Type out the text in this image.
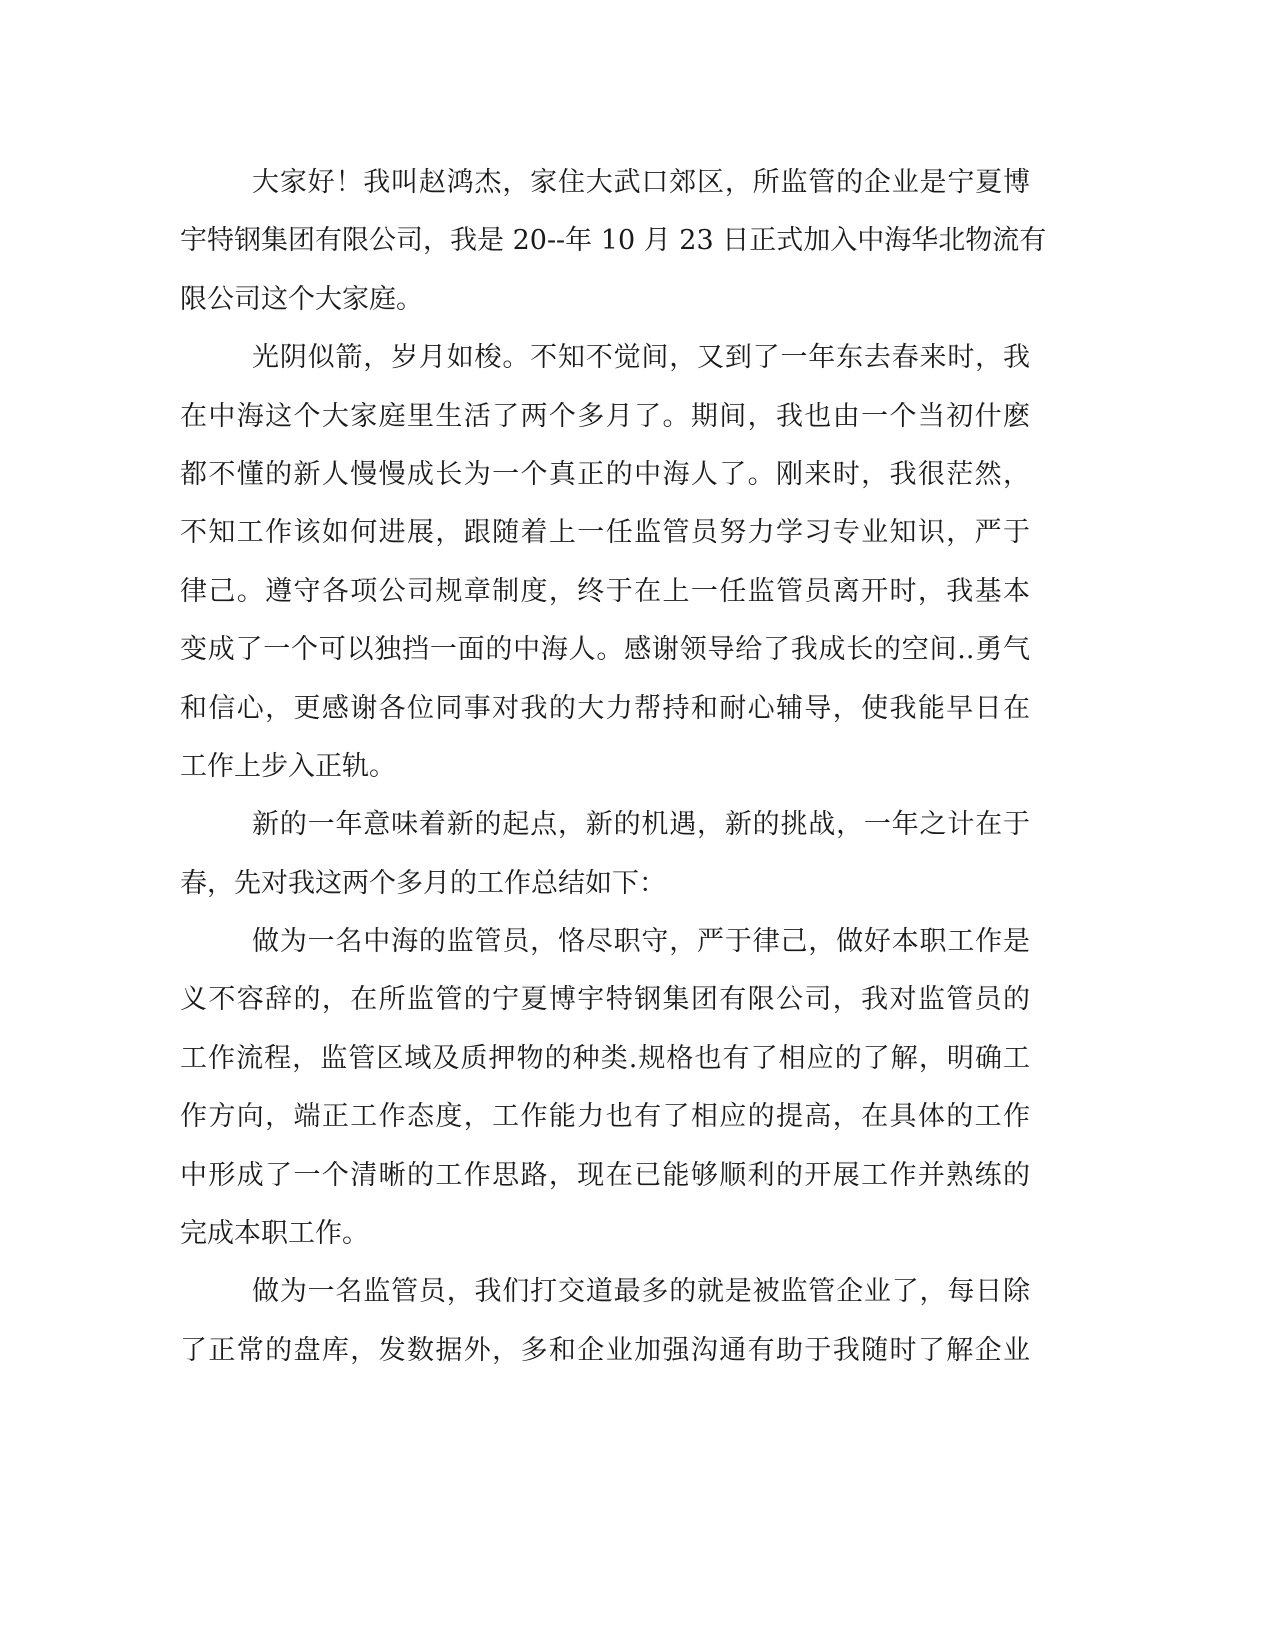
大家好！我叫赵鸿杰，家住大武口郊区，所监管的企业是宁夏博
宇特钢集团有限公司，我是 20--年 10 月 23 日正式加入中海华北物流有
限公司这个大家庭。
光阴似箭，岁月如梭。不知不觉间，又到了一年东去春来时，我
在中海这个大家庭里生活了两个多月了。期间，我也由一个当初什麽
都不懂的新人慢慢成长为一个真正的中海人了。刚来时，我很茫然，
不知工作该如何进展，跟随着上一任监管员努力学习专业知识，严于
律己。遵守各项公司规章制度，终于在上一任监管员离开时，我基本
变成了一个可以独挡一面的中海人。感谢领导给了我成长的空间..勇气
和信心，更感谢各位同事对我的大力帮持和耐心辅导，使我能早日在
工作上步入正轨。
新的一年意味着新的起点，新的机遇，新的挑战，一年之计在于
春，先对我这两个多月的工作总结如下：
做为一名中海的监管员，恪尽职守，严于律己，做好本职工作是
义不容辞的，在所监管的宁夏博宇特钢集团有限公司，我对监管员的
工作流程，监管区域及质押物的种类.规格也有了相应的了解，明确工
作方向，端正工作态度，工作能力也有了相应的提高，在具体的工作
中形成了一个清晰的工作思路，现在已能够顺利的开展工作并熟练的
完成本职工作。
做为一名监管员，我们打交道最多的就是被监管企业了，每日除
了正常的盘库，发数据外，多和企业加强沟通有助于我随时了解企业
